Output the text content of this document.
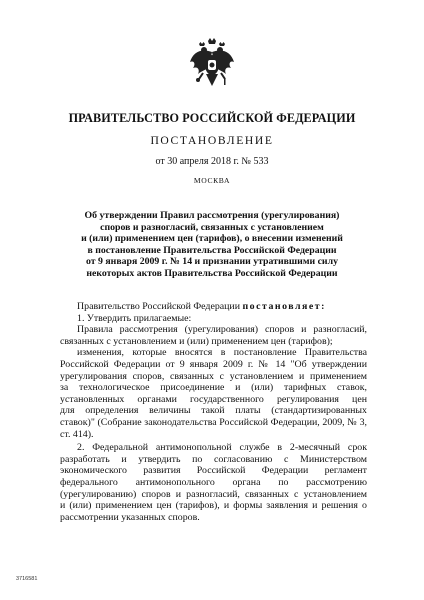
ПРАВИТЕЛЬСТВО РОССИЙСКОЙ ФЕДЕРАЦИИ
ПОСТАНОВЛЕНИЕ
от 30 апреля 2018 г. № 533
МОСКВА
Об утверждении Правил рассмотрения (урегулирования)
споров и разногласий, связанных с установлением
и (или) применением цен (тарифов), о внесении изменений
в постановление Правительства Российской Федерации
от 9 января 2009 г. № 14 и признании утратившими силу
некоторых актов Правительства Российской Федерации
Правительство Российской Федерации постановляет:
1. Утвердить прилагаемые:
Правила рассмотрения (урегулирования) споров и разногласий,
связанных с установлением и (или) применением цен (тарифов);
изменения, которые вносятся в постановление Правительства
Российской Федерации от 9 января 2009 г. № 14 "Об утверждении
урегулирования споров, связанных с установлением и применением
за технологическое присоединение и (или) тарифных ставок,
установленных органами государственного регулирования цен
для определения величины такой платы (стандартизированных
ставок)" (Собрание законодательства Российской Федерации, 2009, № 3,
ст. 414).
2. Федеральной антимонопольной службе в 2-месячный срок
разработать и утвердить по согласованию с Министерством
экономического развития Российской Федерации регламент
федерального антимонопольного органа по рассмотрению
(урегулированию) споров и разногласий, связанных с установлением
и (или) применением цен (тарифов), и формы заявления и решения о
рассмотрении указанных споров.
3716581
